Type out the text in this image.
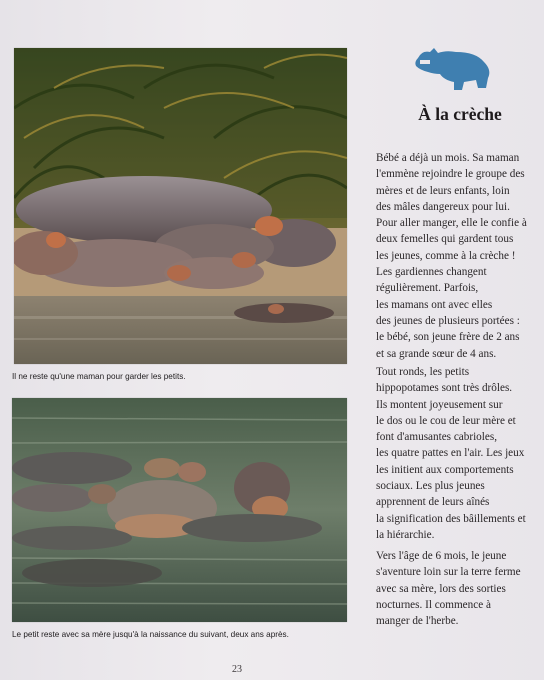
Il ne reste qu'une maman pour garder les petits.
Le petit reste avec sa mère jusqu'à la naissance du suivant, deux ans après.
À la crèche
Bébé a déjà un mois. Sa maman
l'emmène rejoindre le groupe des
mères et de leurs enfants, loin
des mâles dangereux pour lui.
Pour aller manger, elle le confie à
deux femelles qui gardent tous
les jeunes, comme à la crèche !
Les gardiennes changent
régulièrement. Parfois,
les mamans ont avec elles
des jeunes de plusieurs portées :
le bébé, son jeune frère de 2 ans
et sa grande sœur de 4 ans.
Tout ronds, les petits
hippopotames sont très drôles.
Ils montent joyeusement sur
le dos ou le cou de leur mère et
font d'amusantes cabrioles,
les quatre pattes en l'air. Les jeux
les initient aux comportements
sociaux. Les plus jeunes
apprennent de leurs aînés
la signification des bâillements et
la hiérarchie.
Vers l'âge de 6 mois, le jeune
s'aventure loin sur la terre ferme
avec sa mère, lors des sorties
nocturnes. Il commence à
manger de l'herbe.
23
